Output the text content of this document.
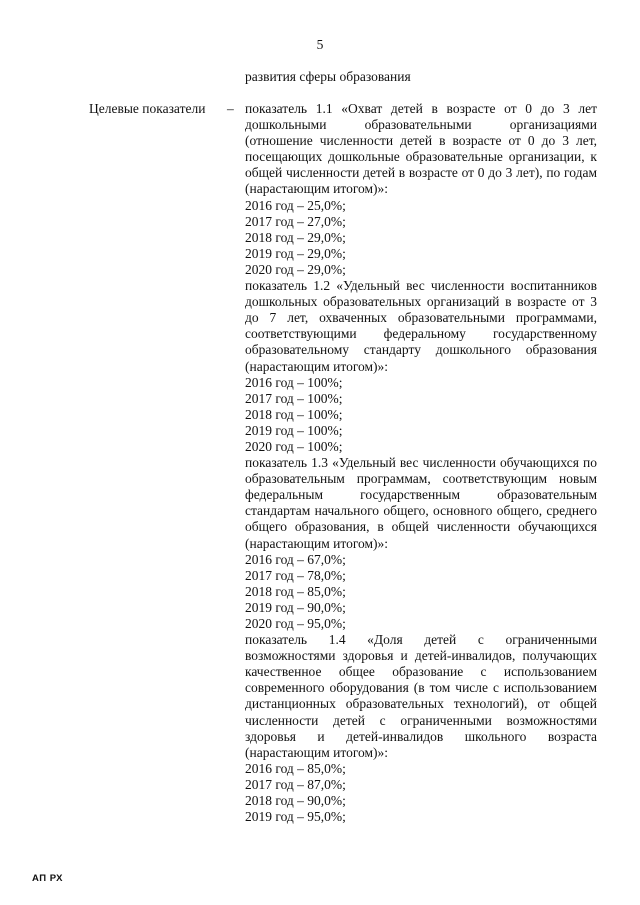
5
развития сферы образования
Целевые показатели – показатель 1.1 «Охват детей в возрасте от 0 до 3 лет дошкольными образовательными организациями (отношение численности детей в возрасте от 0 до 3 лет, посещающих дошкольные образовательные организации, к общей численности детей в возрасте от 0 до 3 лет), по годам (нарастающим итогом)»:

2016 год – 25,0%;

2017 год – 27,0%;

2018 год – 29,0%;

2019 год – 29,0%;

2020 год – 29,0%;

показатель 1.2 «Удельный вес численности воспитанников дошкольных образовательных организаций в возрасте от 3 до 7 лет, охваченных образовательными программами, соответствующими федеральному государственному образовательному стандарту дошкольного образования (нарастающим итогом)»:

2016 год – 100%;

2017 год – 100%;

2018 год – 100%;

2019 год – 100%;

2020 год – 100%;

показатель 1.3 «Удельный вес численности обучающихся по образовательным программам, соответствующим новым федеральным государственным образовательным стандартам начального общего, основного общего, среднего общего образования, в общей численности обучающихся (нарастающим итогом)»:

2016 год – 67,0%;

2017 год – 78,0%;

2018 год – 85,0%;

2019 год – 90,0%;

2020 год – 95,0%;

показатель 1.4 «Доля детей с ограниченными возможностями здоровья и детей-инвалидов, получающих качественное общее образование с использованием современного оборудования (в том числе с использованием дистанционных образовательных технологий), от общей численности детей с ограниченными возможностями здоровья и детей-инвалидов школьного возраста (нарастающим итогом)»:

2016 год – 85,0%;

2017 год – 87,0%;

2018 год – 90,0%;

2019 год – 95,0%;

АП РХ
